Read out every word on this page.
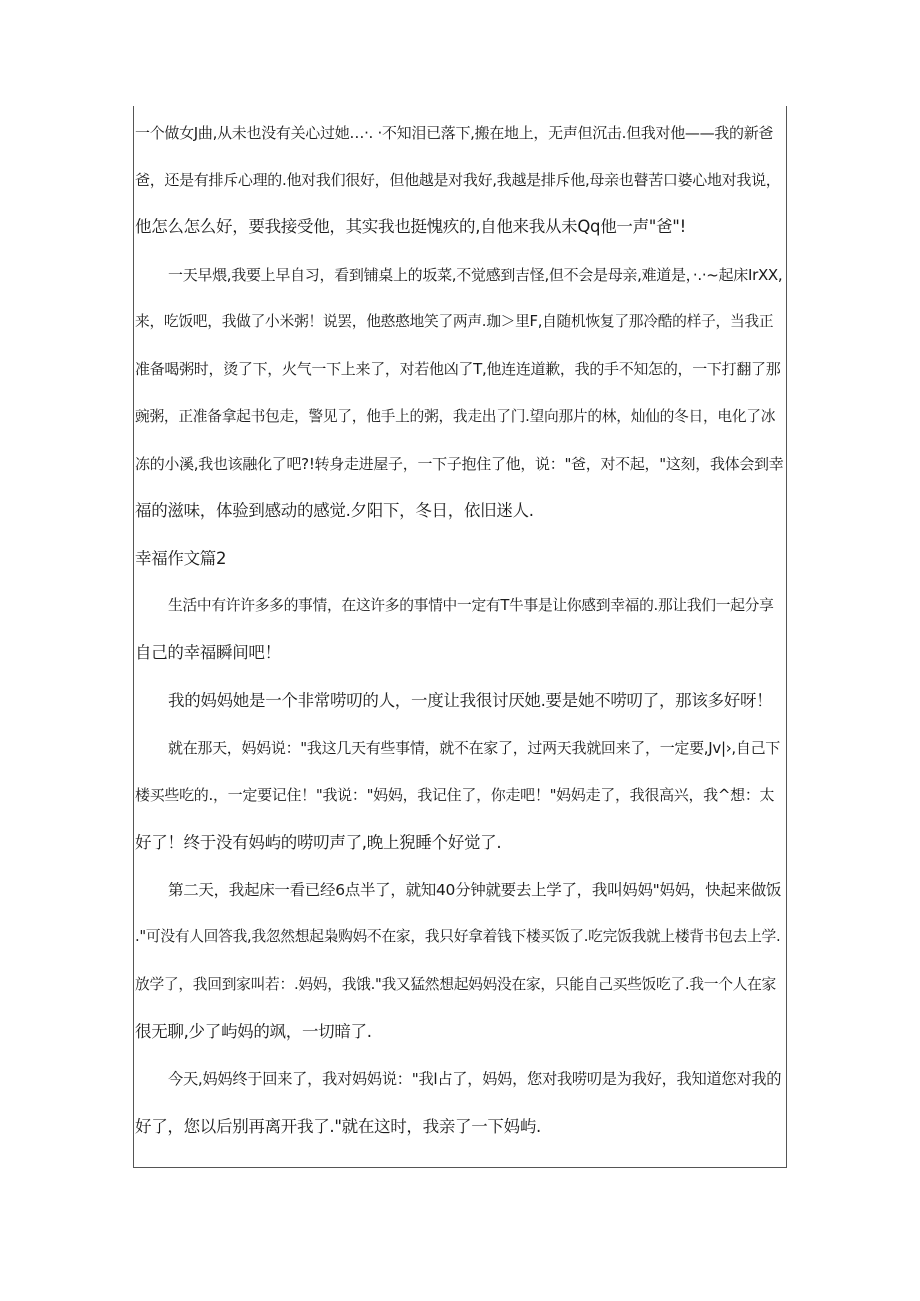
一个做女J曲,从未也没有关心过她…·. ·不知泪已落下,搬在地上，无声但沉击.但我对他——我的新爸
爸，还是有排斥心理的.他对我们很好，但他越是对我好,我越是排斥他,母亲也瞽苦口婆心地对我说，
他怎么怎么好，要我接受他，其实我也挺愧疚的,自他来我从未Qq他一声"爸"!
一天早煨,我要上早自习，看到铺桌上的坂菜,不觉感到吉怪,但不会是母亲,难道是，·.·~起床IrXX,
来，吃饭吧，我做了小米粥！说罢，他憨憨地笑了两声.珈＞里F,自随机恢复了那冷酷的样子，当我正
准备喝粥时，烫了下，火气一下上来了，对若他凶了T,他连连道歉，我的手不知怎的，一下打翻了那
豌粥，正准备拿起书包走，警见了，他手上的粥，我走出了门.望向那片的林，灿仙的冬日，电化了冰
冻的小溪,我也该融化了吧?!转身走进屋子，一下子抱住了他，说："爸，对不起，"这刻，我体会到幸
福的滋味，体验到感动的感觉.夕阳下，冬日，依旧迷人.
幸福作文篇2
生活中有许许多多的事情，在这许多的事情中一定有T牛事是让你感到幸福的.那让我们一起分享
自己的幸福瞬间吧！
我的妈妈她是一个非常唠叨的人，一度让我很讨厌她.要是她不唠叨了，那该多好呀！
就在那天，妈妈说："我这几天有些事情，就不在家了，过两天我就回来了，一定要,Jv|›,自己下
楼买些吃的.，一定要记住！"我说："妈妈，我记住了，你走吧！"妈妈走了，我很高兴，我^想：太
好了！终于没有妈屿的唠叨声了,晚上猊睡个好觉了.
第二天，我起床一看已经6点半了，就知40分钟就要去上学了，我叫妈妈"妈妈，快起来做饭
."可没有人回答我,我忽然想起枭购妈不在家，我只好拿着钱下楼买饭了.吃完饭我就上楼背书包去上学.
放学了，我回到家叫若：.妈妈，我饿."我又猛然想起妈妈没在家，只能自己买些饭吃了.我一个人在家
很无聊,少了屿妈的飒，一切暗了.
今天,妈妈终于回来了，我对妈妈说："我l占了，妈妈，您对我唠叨是为我好，我知道您对我的
好了，您以后别再离开我了."就在这时，我亲了一下妈屿.
